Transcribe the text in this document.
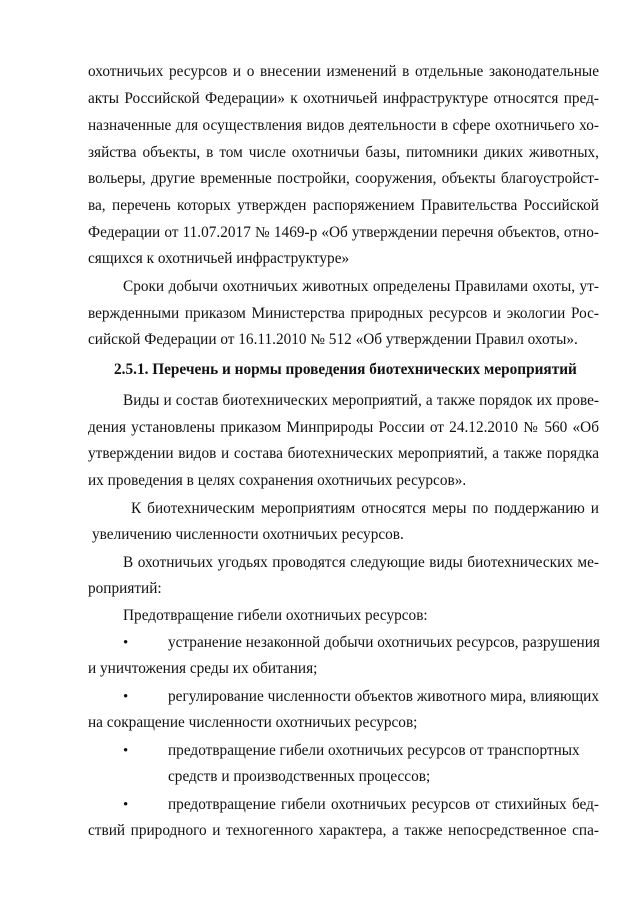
охотничьих ресурсов и о внесении изменений в отдельные законодательные
акты Российской Федерации» к охотничьей инфраструктуре относятся пред-
назначенные для осуществления видов деятельности в сфере охотничьего хо-
зяйства объекты, в том числе охотничьи базы, питомники диких животных,
вольеры, другие временные постройки, сооружения, объекты благоустройст-
ва, перечень которых утвержден распоряжением Правительства Российской
Федерации от 11.07.2017 № 1469-р «Об утверждении перечня объектов, отно-
сящихся к охотничьей инфраструктуре»
Сроки добычи охотничьих животных определены Правилами охоты, ут-
вержденными приказом Министерства природных ресурсов и экологии Рос-
сийской Федерации от 16.11.2010 № 512 «Об утверждении Правил охоты».
2.5.1. Перечень и нормы проведения биотехнических мероприятий
Виды и состав биотехнических мероприятий, а также порядок их прове-
дения установлены приказом Минприроды России от 24.12.2010 № 560 «Об
утверждении видов и состава биотехнических мероприятий, а также порядка
их проведения в целях сохранения охотничьих ресурсов».
К биотехническим мероприятиям относятся меры по поддержанию и
увеличению численности охотничьих ресурсов.
В охотничьих угодьях проводятся следующие виды биотехнических ме-
роприятий:
Предотвращение гибели охотничьих ресурсов:
•	устранение незаконной добычи охотничьих ресурсов, разрушения
и уничтожения среды их обитания;
•	регулирование численности объектов животного мира, влияющих
на сокращение численности охотничьих ресурсов;
•	предотвращение гибели охотничьих ресурсов от транспортных
средств и производственных процессов;
•	предотвращение гибели охотничьих ресурсов от стихийных бед-
ствий природного и техногенного характера, а также непосредственное спа-
